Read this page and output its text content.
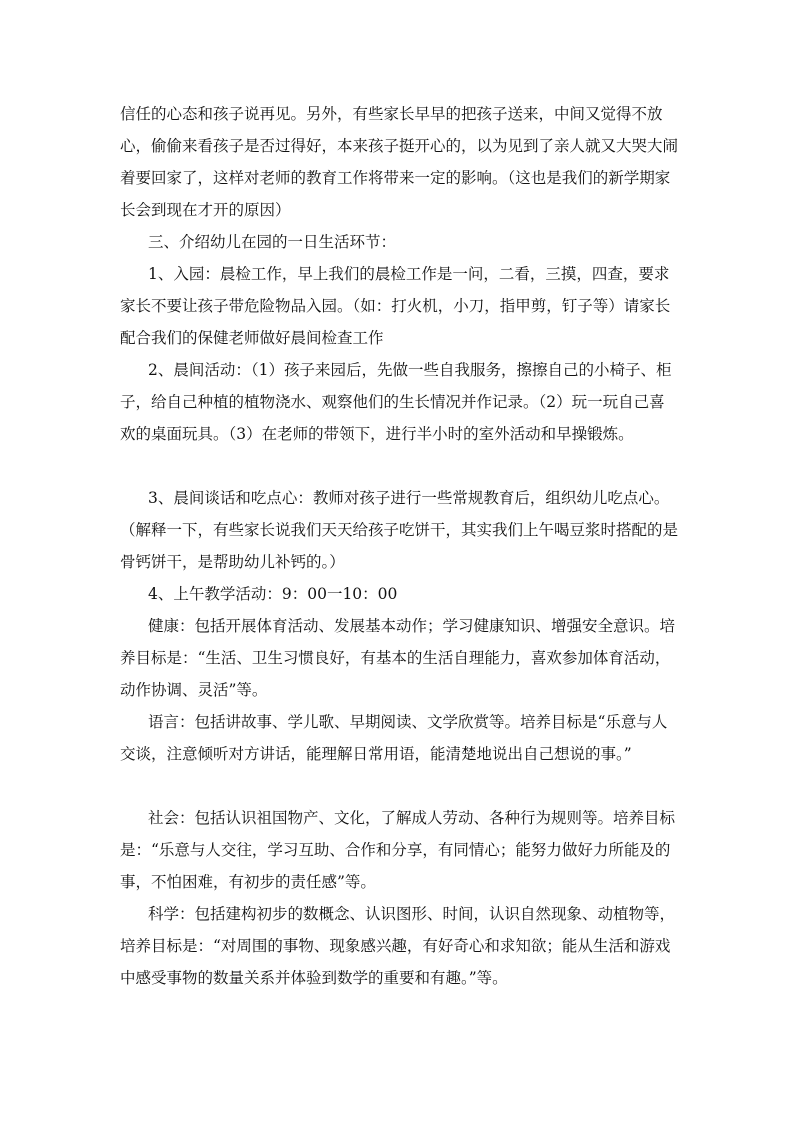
信任的心态和孩子说再见。另外，有些家长早早的把孩子送来，中间又觉得不放心，偷偷来看孩子是否过得好，本来孩子挺开心的，以为见到了亲人就又大哭大闹着要回家了，这样对老师的教育工作将带来一定的影响。（这也是我们的新学期家长会到现在才开的原因）

三、介绍幼儿在园的一日生活环节：

1、入园：晨检工作，早上我们的晨检工作是一问，二看，三摸，四查，要求家长不要让孩子带危险物品入园。（如：打火机，小刀，指甲剪，钉子等）请家长配合我们的保健老师做好晨间检查工作

2、晨间活动：（1）孩子来园后，先做一些自我服务，擦擦自己的小椅子、柜子，给自己种植的植物浇水、观察他们的生长情况并作记录。（2）玩一玩自己喜欢的桌面玩具。（3）在老师的带领下，进行半小时的室外活动和早操锻炼。

3、晨间谈话和吃点心：教师对孩子进行一些常规教育后，组织幼儿吃点心。（解释一下，有些家长说我们天天给孩子吃饼干，其实我们上午喝豆浆时搭配的是骨钙饼干，是帮助幼儿补钙的。）

4、上午教学活动：9：00一10：00

健康：包括开展体育活动、发展基本动作；学习健康知识、增强安全意识。培养目标是：“生活、卫生习惯良好，有基本的生活自理能力，喜欢参加体育活动，动作协调、灵活”等。

语言：包括讲故事、学儿歌、早期阅读、文学欣赏等。培养目标是“乐意与人交谈，注意倾听对方讲话，能理解日常用语，能清楚地说出自己想说的事。”

社会：包括认识祖国物产、文化，了解成人劳动、各种行为规则等。培养目标是：“乐意与人交往，学习互助、合作和分享，有同情心；能努力做好力所能及的事，不怕困难，有初步的责任感”等。

科学：包括建构初步的数概念、认识图形、时间，认识自然现象、动植物等，培养目标是：“对周围的事物、现象感兴趣，有好奇心和求知欲；能从生活和游戏中感受事物的数量关系并体验到数学的重要和有趣。”等。
